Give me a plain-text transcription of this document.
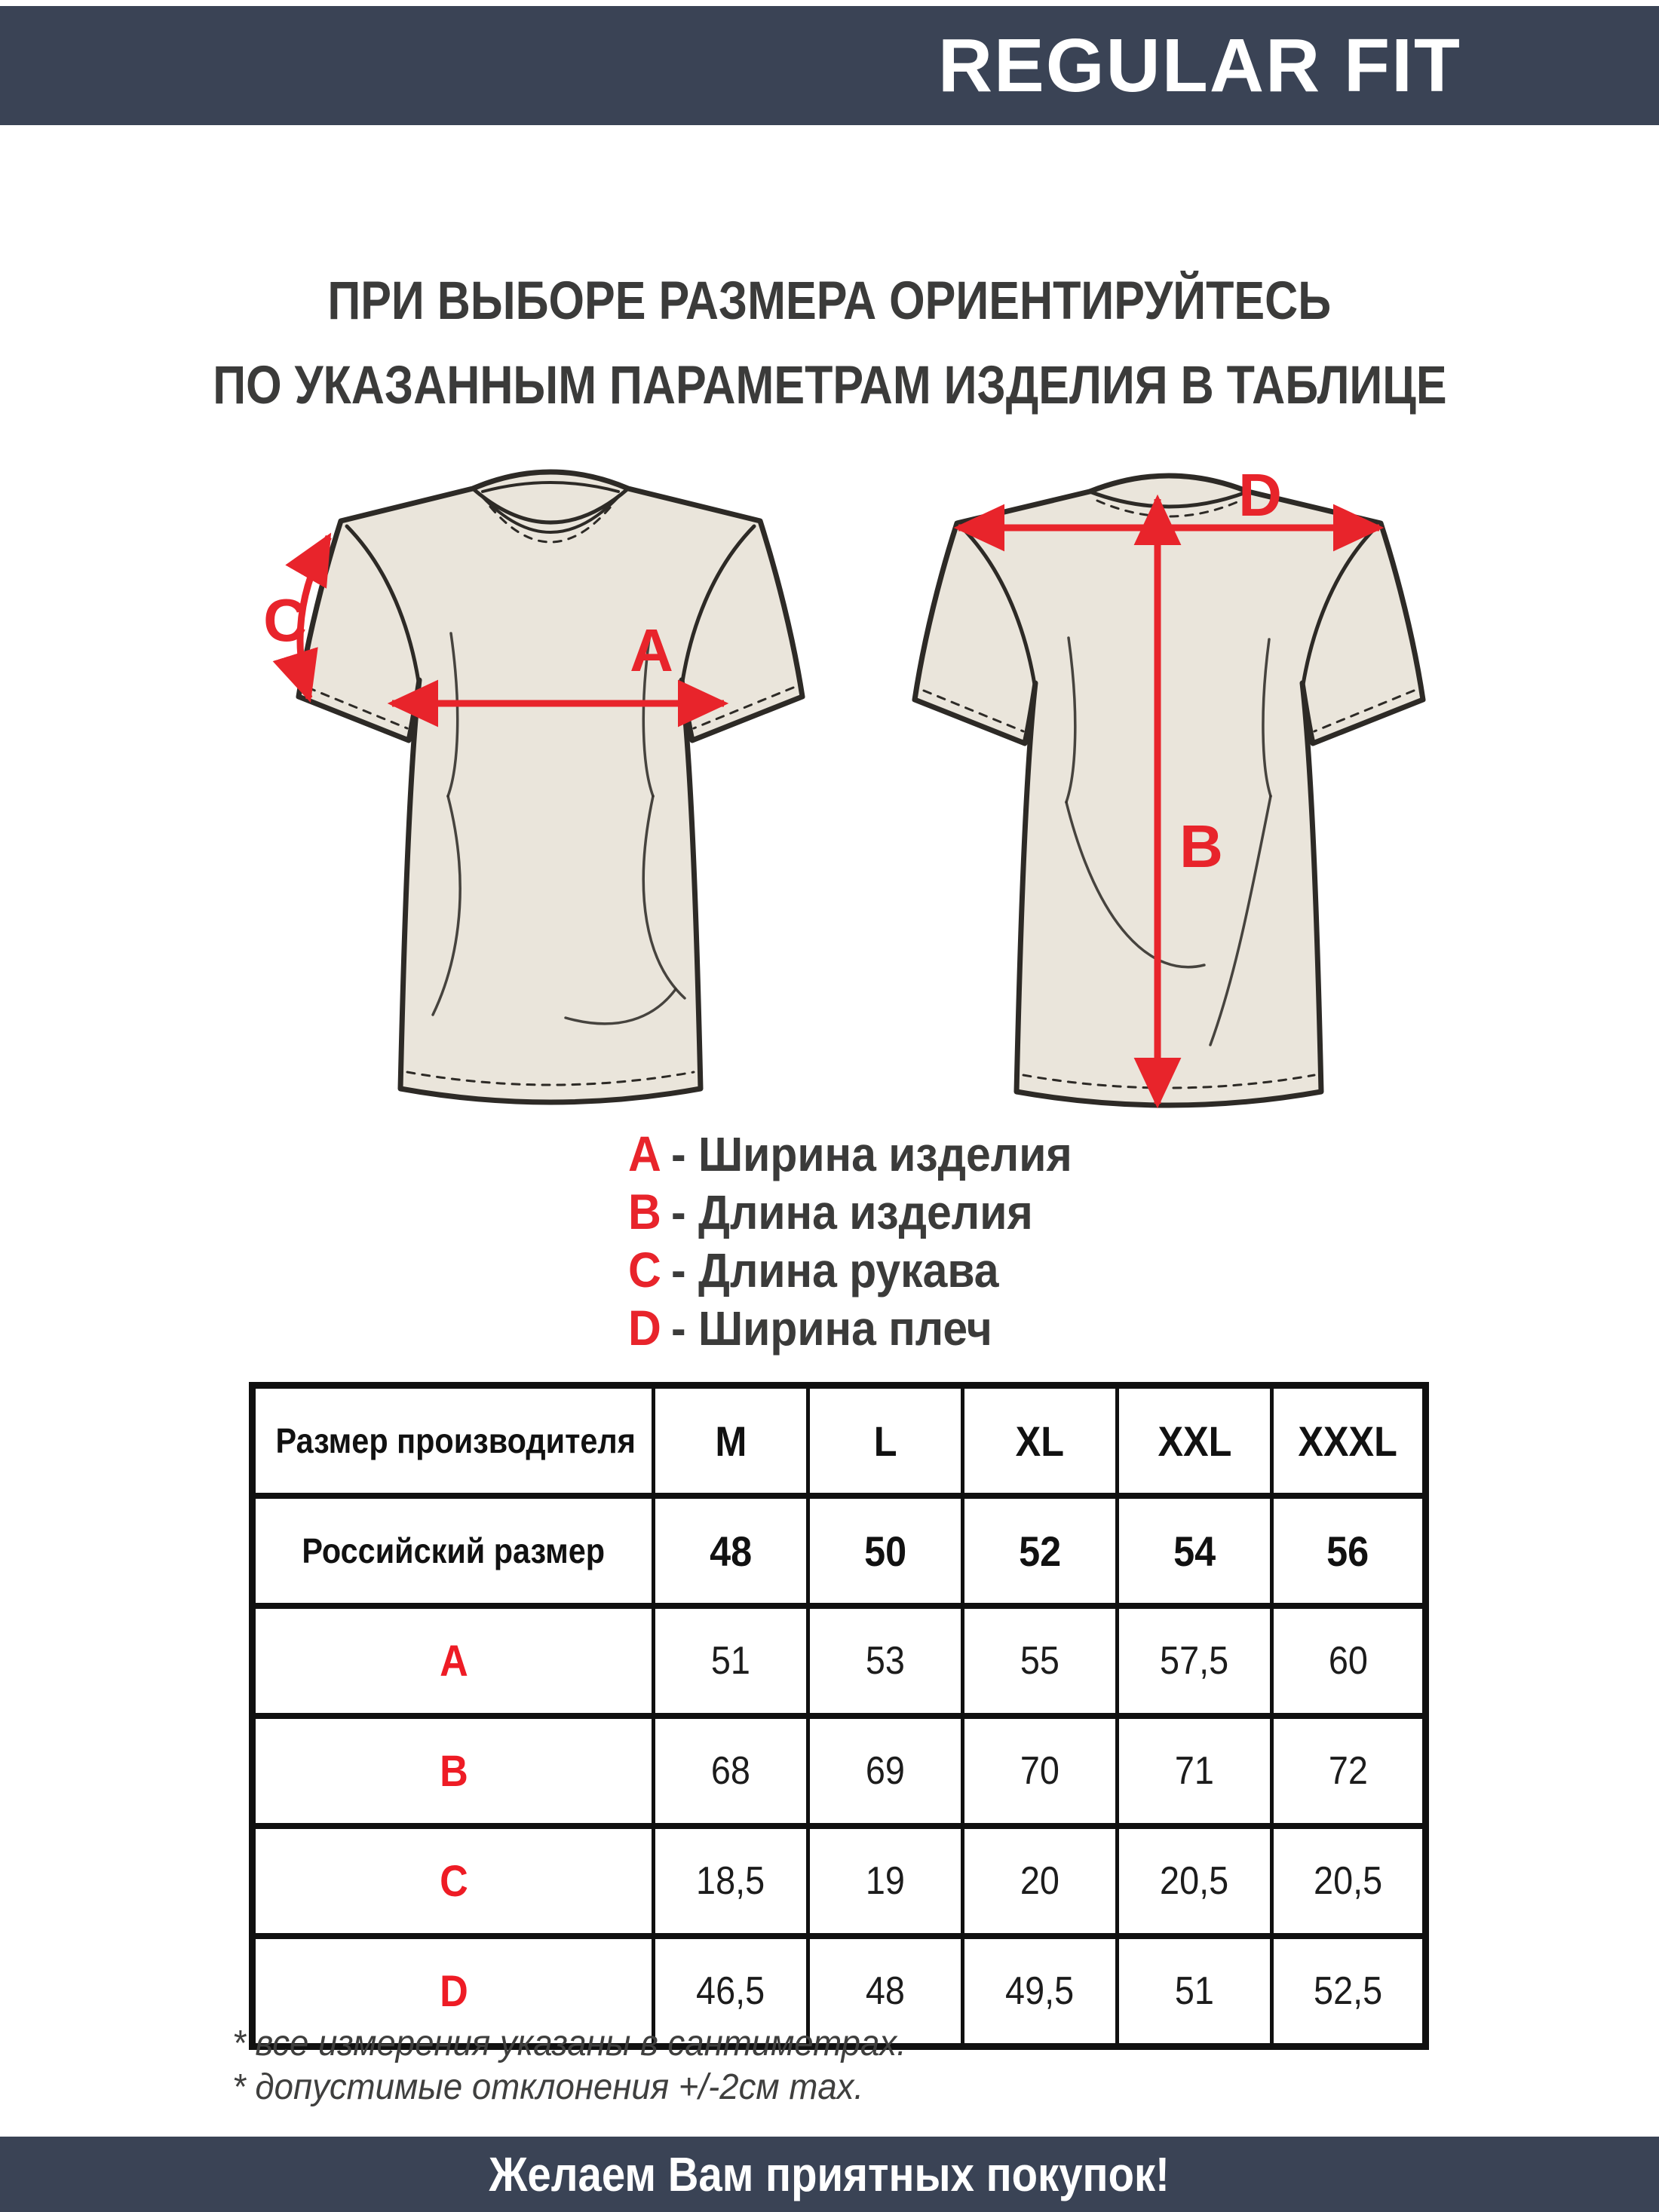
REGULAR FIT
ПРИ ВЫБОРЕ РАЗМЕРА ОРИЕНТИРУЙТЕСЬ
ПО УКАЗАННЫМ ПАРАМЕТРАМ ИЗДЕЛИЯ В ТАБЛИЦЕ
A
C
D
B
A - Ширина изделия
B - Длина изделия
C - Длина рукава
D - Ширина плеч
Размер производителя	M	L	XL	XXL	XXXL
Российский размер	48	50	52	54	56
A	51	53	55	57,5	60
B	68	69	70	71	72
C	18,5	19	20	20,5	20,5
D	46,5	48	49,5	51	52,5
* все измерения указаны в сантиметрах.
* допустимые отклонения +/-2см max.
Желаем Вам приятных покупок!
